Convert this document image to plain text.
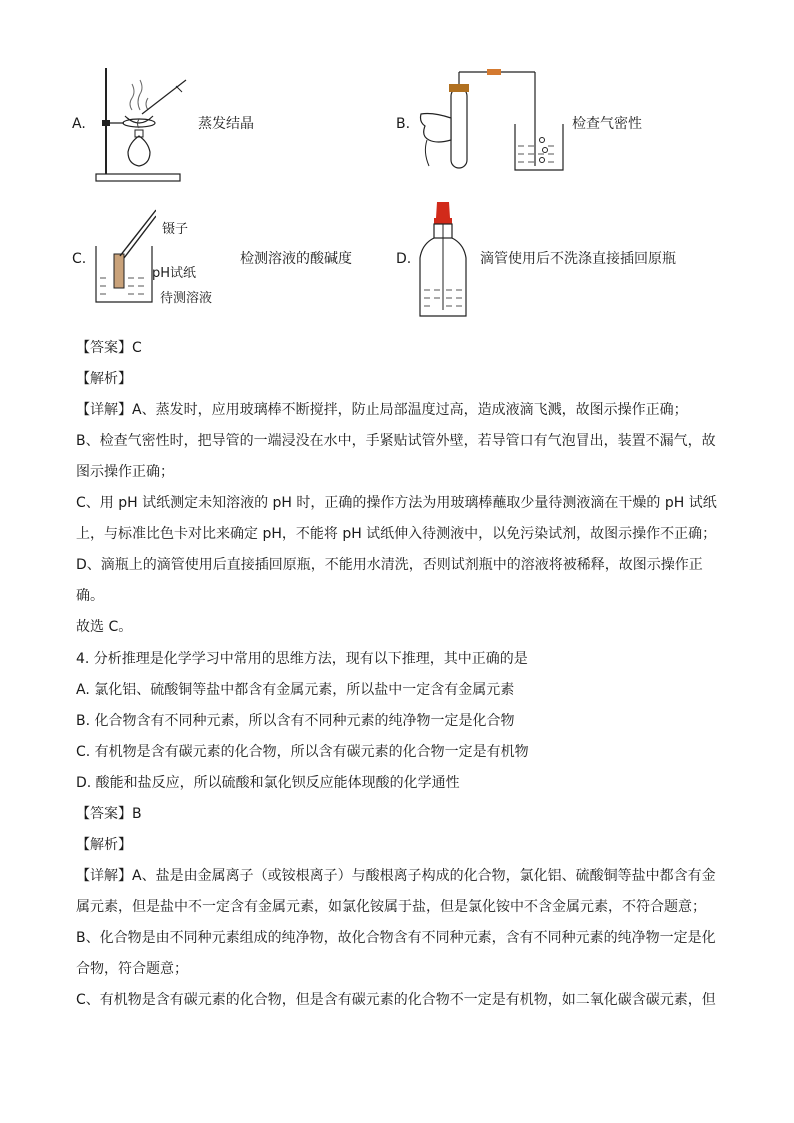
A.	蒸发结晶	B.	检查气密性
C.
镊子
pH试纸
待测溶液
检测溶液的酸碱度	D.	滴管使用后不洗涤直接插回原瓶
【答案】C
【解析】
【详解】A、蒸发时，应用玻璃棒不断搅拌，防止局部温度过高，造成液滴飞溅，故图示操作正确；
B、检查气密性时，把导管的一端浸没在水中，手紧贴试管外壁，若导管口有气泡冒出，装置不漏气，故
图示操作正确；
C、用 pH 试纸测定未知溶液的 pH 时，正确的操作方法为用玻璃棒蘸取少量待测液滴在干燥的 pH 试纸
上，与标准比色卡对比来确定 pH，不能将 pH 试纸伸入待测液中，以免污染试剂，故图示操作不正确；
D、滴瓶上的滴管使用后直接插回原瓶，不能用水清洗，否则试剂瓶中的溶液将被稀释，故图示操作正
确。
故选 C。
4. 分析推理是化学学习中常用的思维方法，现有以下推理，其中正确的是
A. 氯化铝、硫酸铜等盐中都含有金属元素，所以盐中一定含有金属元素
B. 化合物含有不同种元素，所以含有不同种元素的纯净物一定是化合物
C. 有机物是含有碳元素的化合物，所以含有碳元素的化合物一定是有机物
D. 酸能和盐反应，所以硫酸和氯化钡反应能体现酸的化学通性
【答案】B
【解析】
【详解】A、盐是由金属离子（或铵根离子）与酸根离子构成的化合物，氯化铝、硫酸铜等盐中都含有金
属元素，但是盐中不一定含有金属元素，如氯化铵属于盐，但是氯化铵中不含金属元素，不符合题意；
B、化合物是由不同种元素组成的纯净物，故化合物含有不同种元素，含有不同种元素的纯净物一定是化
合物，符合题意；
C、有机物是含有碳元素的化合物，但是含有碳元素的化合物不一定是有机物，如二氧化碳含碳元素，但
